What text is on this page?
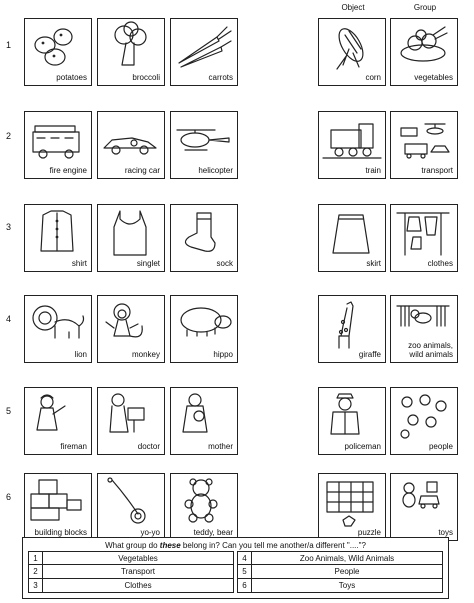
Object	Group
1
potatoes	broccoli	carrots	corn	vegetables
2
fire engine	racing car	helicopter	train	transport
3
shirt	singlet	sock	skirt	clothes
4
lion	monkey	hippo	giraffe
zoo animals,
wild animals
5
fireman	doctor	mother	policeman	people
6
building blocks	yo-yo	teddy, bear	puzzle	toys
What group do these belong in? Can you tell me another/a different "...."?
1	Vegetables
2	Transport
3	Clothes
4	Zoo Animals, Wild Animals
5	People
6	Toys
